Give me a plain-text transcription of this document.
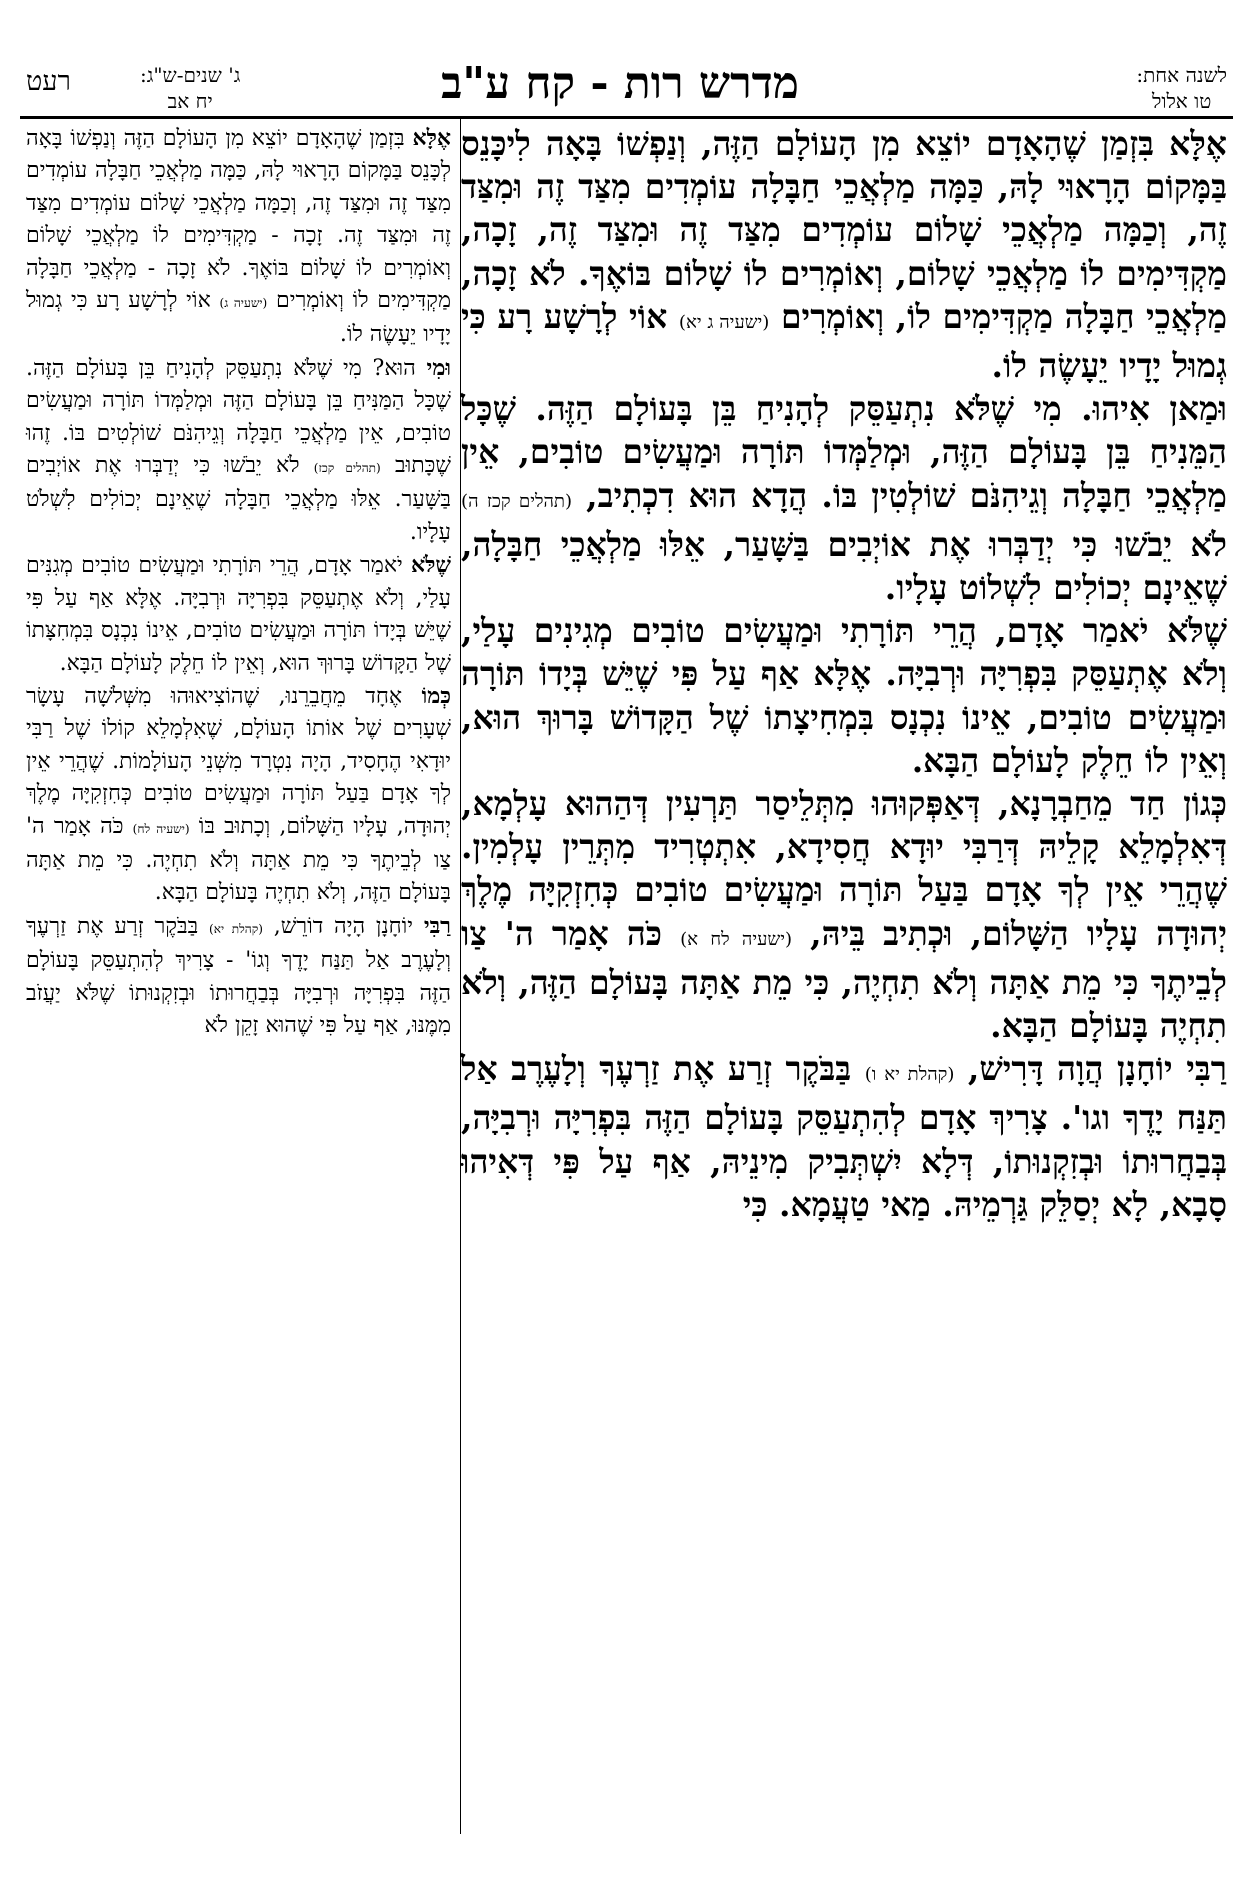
לשנה אחת:
טו אלול
מדרש רות - קח ע"ב
ג' שנים-ש"ג:
יח אב
רעט

אֶלָּא בִּזְמַן שֶׁהָאָדָם יוֹצֵא מִן הָעוֹלָם הַזֶּה, וְנַפְשׁוֹ בָּאָה לִיכָּנֵס בַּמָּקוֹם הָרָאוּי לָהּ, כַּמָּה מַלְאֲכֵי חַבָּלָה עוֹמְדִים מִצַּד זֶה וּמִצַּד זֶה, וְכַמָּה מַלְאֲכֵי שָׁלוֹם עוֹמְדִים מִצַּד זֶה וּמִצַּד זֶה, זָכָה, מַקְדִּימִים לוֹ מַלְאֲכֵי שָׁלוֹם, וְאוֹמְרִים לוֹ שָׁלוֹם בּוֹאֶךָ. לֹא זָכָה, מַלְאֲכֵי חַבָּלָה מַקְדִּימִים לוֹ, וְאוֹמְרִים (ישעיה ג יא) אוֹי לְרָשָׁע רָע כִּי גְמוּל יָדָיו יֵעָשֶׂה לוֹ.

וּמַאן אִיהוּ. מִי שֶׁלֹּא נִתְעַסֵּק לְהָנִיחַ בֵּן בָּעוֹלָם הַזֶּה. שֶׁכָּל הַמֵּנִיחַ בֵּן בָּעוֹלָם הַזֶּה, וּמְלַמְּדוֹ תּוֹרָה וּמַעֲשִׂים טוֹבִים, אֵין מַלְאֲכֵי חַבָּלָה וְגֵיהִנֹּם שׁוֹלְטִין בּוֹ. הֲדָא הוּא דִכְתִיב, (תהלים קכז ה) לֹא יֵבֹשׁוּ כִּי יְדַבְּרוּ אֶת אוֹיְבִים בַּשָּׁעַר, אֵלּוּ מַלְאֲכֵי חַבָּלָה, שֶׁאֵינָם יְכוֹלִים לִשְׁלוֹט עָלָיו.

שֶׁלֹּא יֹאמַר אָדָם, הֲרֵי תּוֹרָתִי וּמַעֲשִׂים טוֹבִים מְגִינִים עָלַי, וְלֹא אֶתְעַסֵּק בִּפְרִיָּה וּרְבִיָּה. אֶלָּא אַף עַל פִּי שֶׁיֵּשׁ בְּיָדוֹ תּוֹרָה וּמַעֲשִׂים טוֹבִים, אֵינוֹ נִכְנָס בִּמְחִיצָתוֹ שֶׁל הַקָּדוֹשׁ בָּרוּךְ הוּא, וְאֵין לוֹ חֵלֶק לָעוֹלָם הַבָּא.

כְּגוֹן חַד מֵחַבְרָנָא, דְּאַפְּקוּהוּ מִתְּלֵיסַר תַּרְעִין דְּהַהוּא עָלְמָא, דְּאִלְמָלֵא קָלֵיהּ דְּרַבִּי יוּדָא חֲסִידָא, אִתְטְרִיד מִתְּרֵין עָלְמִין. שֶׁהֲרֵי אֵין לְךָ אָדָם בַּעַל תּוֹרָה וּמַעֲשִׂים טוֹבִים כְּחִזְקִיָּה מֶלֶךְ יְהוּדָה עָלָיו הַשָּׁלוֹם, וּכְתִיב בֵּיהּ, (ישעיה לח א) כֹּה אָמַר ה' צַו לְבֵיתֶךָ כִּי מֵת אַתָּה וְלֹא תִחְיֶה, כִּי מֵת אַתָּה בָּעוֹלָם הַזֶּה, וְלֹא תִחְיֶה בָּעוֹלָם הַבָּא.

רַבִּי יוֹחָנָן הֲוָה דָּרִישׁ, (קהלת יא ו) בַּבֹּקֶר זְרַע אֶת זַרְעֶךָ וְלָעֶרֶב אַל תַּנַּח יָדֶךָ וגו'. צָרִיךְ אָדָם לְהִתְעַסֵּק בָּעוֹלָם הַזֶּה בִּפְרִיָּה וּרְבִיָּה, בְּבַחֲרוּתוֹ וּבְזִקְנוּתוֹ, דְּלָא יִשְׁתְּבִיק מִינֵיהּ, אַף עַל פִּי דְּאִיהוּ סָבָא, לָא יְסַלֵּק גַּרְמֵיהּ. מַאי טַעֲמָא. כִּי

אֶלָּא בִּזְמַן שֶׁהָאָדָם יוֹצֵא מִן הָעוֹלָם הַזֶּה וְנַפְשׁוֹ בָּאָה לְכָּנֵס בַּמָּקוֹם הָרָאוּי לָהּ, כַּמָּה מַלְאֲכֵי חַבָּלָה עוֹמְדִים מִצַּד זֶה וּמִצַּד זֶה, וְכַמָּה מַלְאֲכֵי שָׁלוֹם עוֹמְדִים מִצַּד זֶה וּמִצַּד זֶה. זָכָה - מַקְדִּימִים לוֹ מַלְאֲכֵי שָׁלוֹם וְאוֹמְרִים לוֹ שָׁלוֹם בּוֹאֶךָ. לֹא זָכָה - מַלְאֲכֵי חַבָּלָה מַקְדִּימִים לוֹ וְאוֹמְרִים (ישעיה ג) אוֹי לְרָשָׁע רָע כִּי גְמוּל יָדָיו יֵעָשֶׂה לוֹ.

וּמִי הוּא? מִי שֶׁלֹּא נִתְעַסֵּק לְהָנִיחַ בֵּן בָּעוֹלָם הַזֶּה. שֶׁכָּל הַמַּנִּיחַ בֵּן בָּעוֹלָם הַזֶּה וּמְלַמְּדוֹ תּוֹרָה וּמַעֲשִׂים טוֹבִים, אֵין מַלְאֲכֵי חַבָּלָה וְגֵיהִנֹּם שׁוֹלְטִים בּוֹ. זֶהוּ שֶׁכָּתוּב (תהלים קכז) לֹא יֵבֹשׁוּ כִּי יְדַבְּרוּ אֶת אוֹיְבִים בַּשָּׁעַר. אֵלּוּ מַלְאֲכֵי חַבָּלָה שֶׁאֵינָם יְכוֹלִים לִשְׁלֹט עָלָיו.

שֶׁלֹּא יֹאמַר אָדָם, הֲרֵי תּוֹרָתִי וּמַעֲשִׂים טוֹבִים מְגִנִּים עָלַי, וְלֹא אֶתְעַסֵּק בִּפְרִיָּה וּרְבִיָּה. אֶלָּא אַף עַל פִּי שֶׁיֵּשׁ בְּיָדוֹ תּוֹרָה וּמַעֲשִׂים טוֹבִים, אֵינוֹ נִכְנָס בִּמְחִצָּתוֹ שֶׁל הַקָּדוֹשׁ בָּרוּךְ הוּא, וְאֵין לוֹ חֵלֶק לָעוֹלָם הַבָּא.

כְּמוֹ אֶחָד מֵחֲבֵרֵנוּ, שֶׁהוֹצִיאוּהוּ מִשְּׁלֹשָׁה עָשָׂר שְׁעָרִים שֶׁל אוֹתוֹ הָעוֹלָם, שֶׁאִלְמָלֵא קוֹלוֹ שֶׁל רַבִּי יוּדָאִי הֶחָסִיד, הָיָה נִטְרָד מִשְּׁנֵי הָעוֹלָמוֹת. שֶׁהֲרֵי אֵין לְךָ אָדָם בַּעַל תּוֹרָה וּמַעֲשִׂים טוֹבִים כְּחִזְקִיָּה מֶלֶךְ יְהוּדָה, עָלָיו הַשָּׁלוֹם, וְכָתוּב בּוֹ (ישעיה לח) כֹּה אָמַר ה' צַו לְבֵיתֶךָ כִּי מֵת אַתָּה וְלֹא תִחְיֶה. כִּי מֵת אַתָּה בָּעוֹלָם הַזֶּה, וְלֹא תִחְיֶה בָּעוֹלָם הַבָּא.

רַבִּי יוֹחָנָן הָיָה דוֹרֵשׁ, (קהלת יא) בַּבֹּקֶר זְרַע אֶת זַרְעֶךָ וְלָעֶרֶב אַל תַּנַּח יָדֶךָ וְגוֹ' - צָרִיךְ לְהִתְעַסֵּק בָּעוֹלָם הַזֶּה בִּפְרִיָּה וּרְבִיָּה בְּבַחֲרוּתוֹ וּבְזִקְנוּתוֹ שֶׁלֹּא יַעֲזֹב מִמֶּנּוּ, אַף עַל פִּי שֶׁהוּא זָקֵן לֹא
